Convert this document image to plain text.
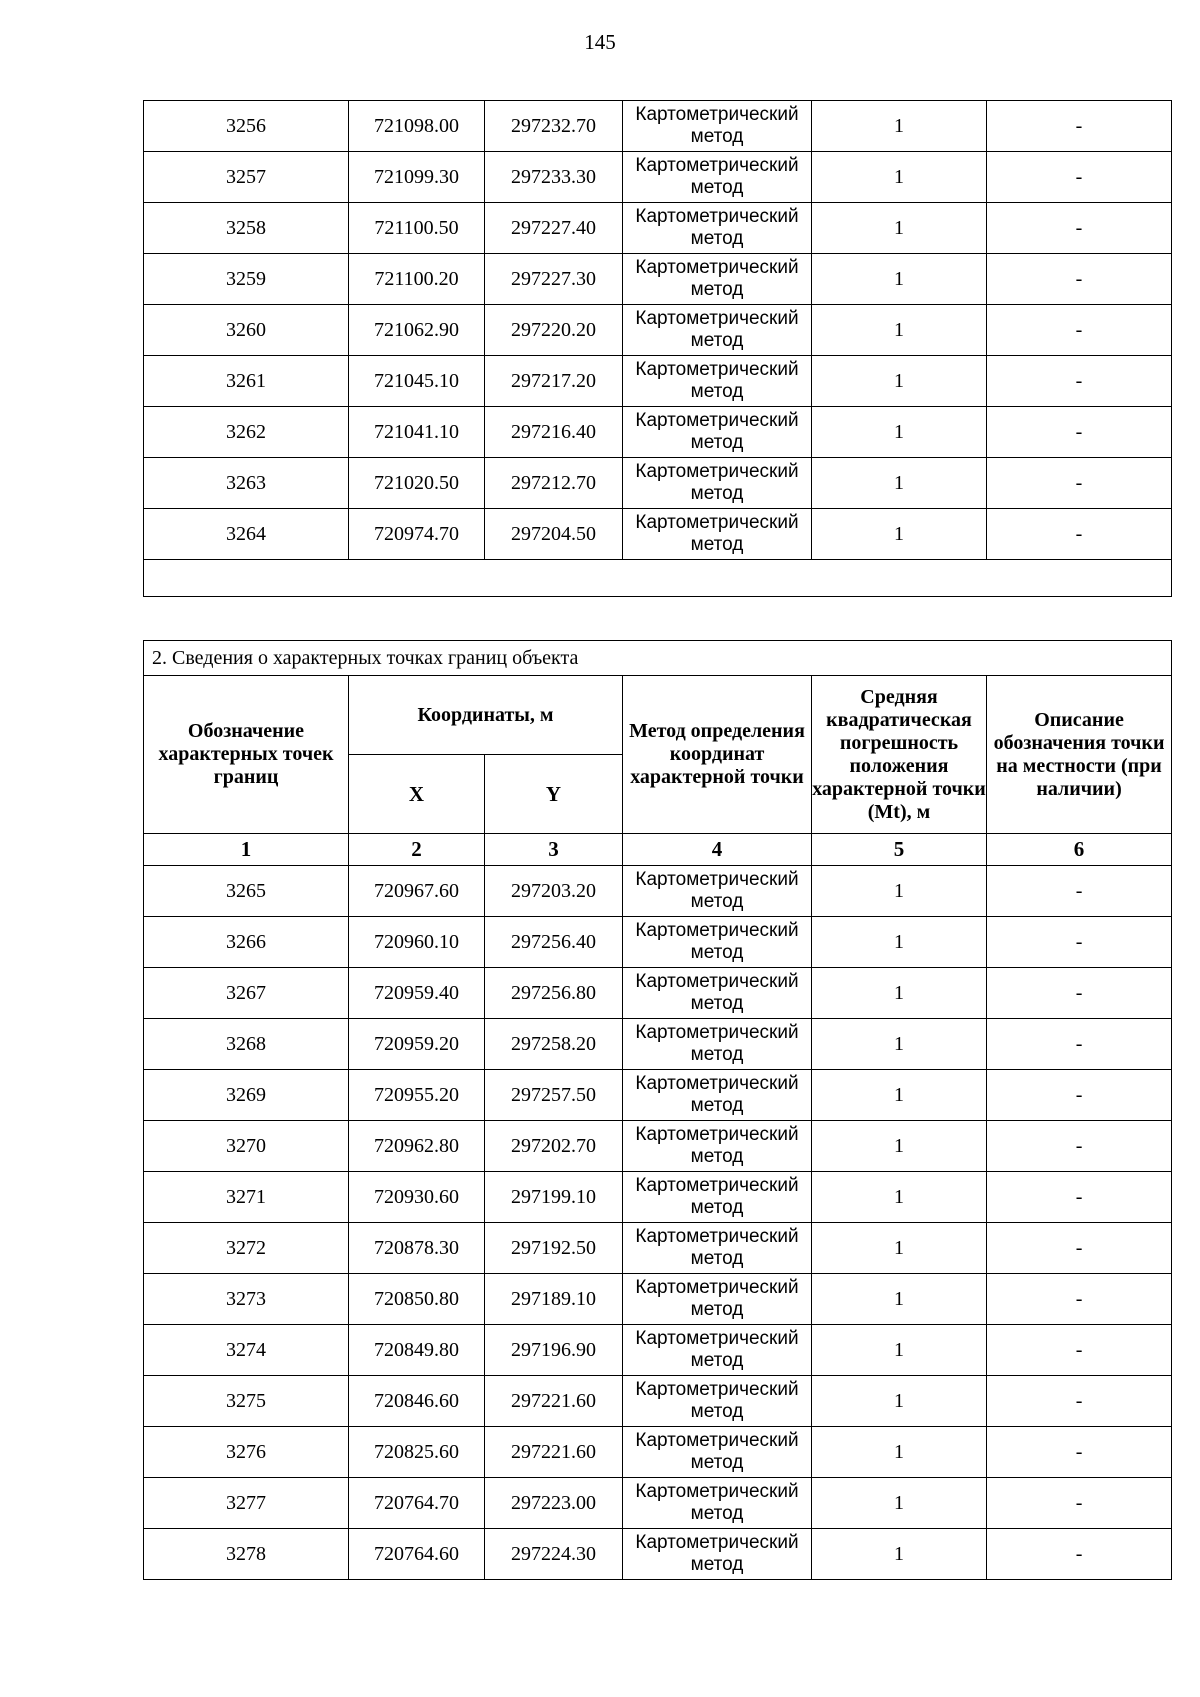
145
3256	721098.00	297232.70	Картометрический метод	1	-
3257	721099.30	297233.30	Картометрический метод	1	-
3258	721100.50	297227.40	Картометрический метод	1	-
3259	721100.20	297227.30	Картометрический метод	1	-
3260	721062.90	297220.20	Картометрический метод	1	-
3261	721045.10	297217.20	Картометрический метод	1	-
3262	721041.10	297216.40	Картометрический метод	1	-
3263	721020.50	297212.70	Картометрический метод	1	-
3264	720974.70	297204.50	Картометрический метод	1	-

2. Сведения о характерных точках границ объекта					
Обозначение характерных точек границ	Координаты, м		Метод определения координат характерной точки	Средняя квадратическая погрешность положения характерной точки (Mt), м	Описание обозначения точки на местности (при наличии)
	X	Y			
1	2	3	4	5	6
3265	720967.60	297203.20	Картометрический метод	1	-
3266	720960.10	297256.40	Картометрический метод	1	-
3267	720959.40	297256.80	Картометрический метод	1	-
3268	720959.20	297258.20	Картометрический метод	1	-
3269	720955.20	297257.50	Картометрический метод	1	-
3270	720962.80	297202.70	Картометрический метод	1	-
3271	720930.60	297199.10	Картометрический метод	1	-
3272	720878.30	297192.50	Картометрический метод	1	-
3273	720850.80	297189.10	Картометрический метод	1	-
3274	720849.80	297196.90	Картометрический метод	1	-
3275	720846.60	297221.60	Картометрический метод	1	-
3276	720825.60	297221.60	Картометрический метод	1	-
3277	720764.70	297223.00	Картометрический метод	1	-
3278	720764.60	297224.30	Картометрический метод	1	-
